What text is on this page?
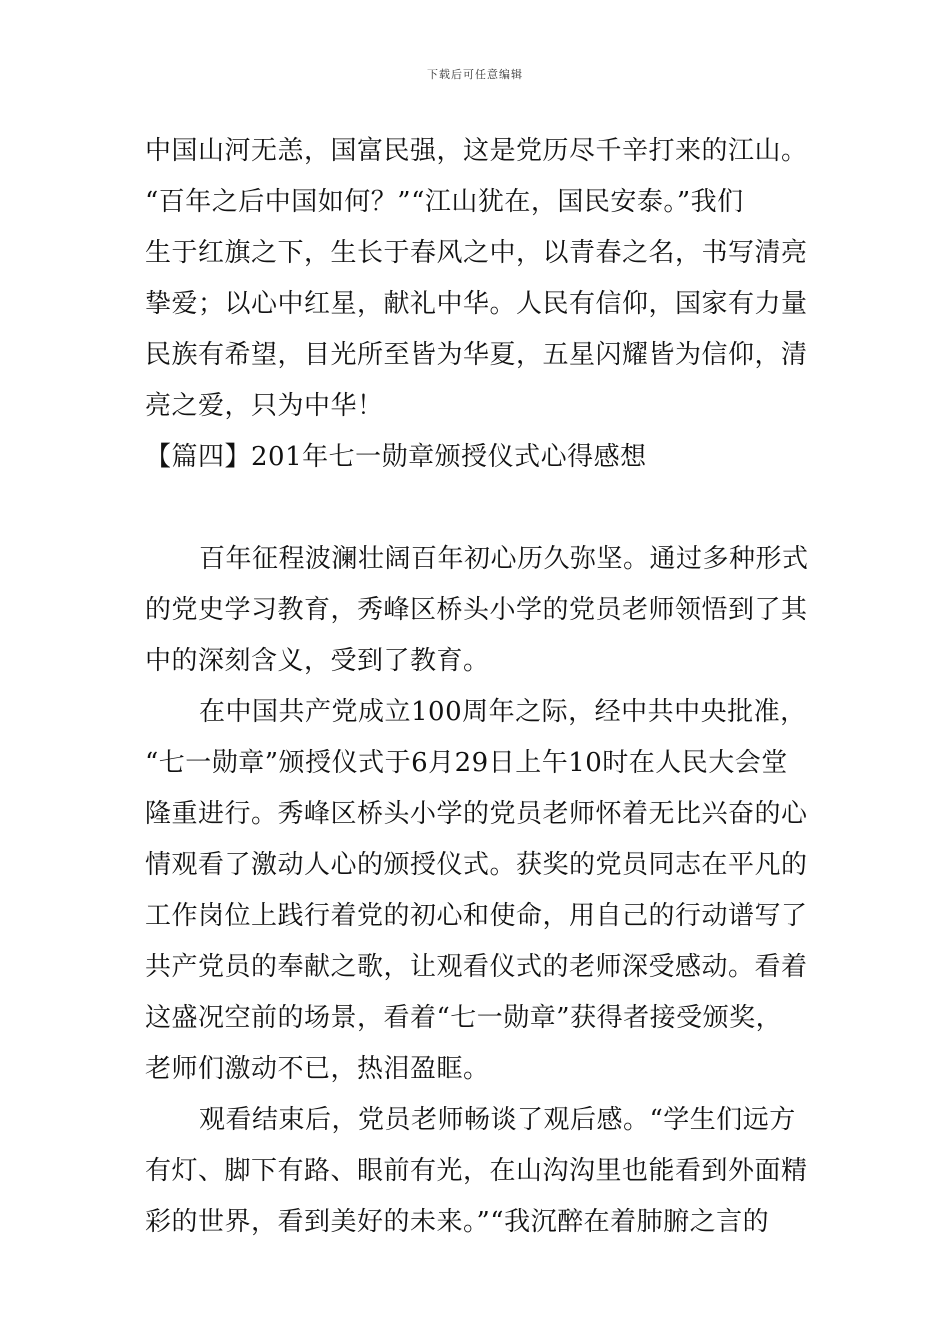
下载后可任意编辑
中国山河无恙，国富民强，这是党历尽千辛打来的江山。
“百年之后中国如何？”“江山犹在，国民安泰。”我们
生于红旗之下，生长于春风之中，以青春之名，书写清亮
挚爱；以心中红星，献礼中华。人民有信仰，国家有力量
民族有希望，目光所至皆为华夏，五星闪耀皆为信仰，清
亮之爱，只为中华！
【篇四】201年七一勋章颁授仪式心得感想
百年征程波澜壮阔百年初心历久弥坚。通过多种形式
的党史学习教育，秀峰区桥头小学的党员老师领悟到了其
中的深刻含义，受到了教育。
在中国共产党成立100周年之际，经中共中央批准，
“七一勋章”颁授仪式于6月29日上午10时在人民大会堂
隆重进行。秀峰区桥头小学的党员老师怀着无比兴奋的心
情观看了激动人心的颁授仪式。获奖的党员同志在平凡的
工作岗位上践行着党的初心和使命，用自己的行动谱写了
共产党员的奉献之歌，让观看仪式的老师深受感动。看着
这盛况空前的场景，看着“七一勋章”获得者接受颁奖，
老师们激动不已，热泪盈眶。
观看结束后，党员老师畅谈了观后感。“学生们远方
有灯、脚下有路、眼前有光，在山沟沟里也能看到外面精
彩的世界，看到美好的未来。”“我沉醉在着肺腑之言的
